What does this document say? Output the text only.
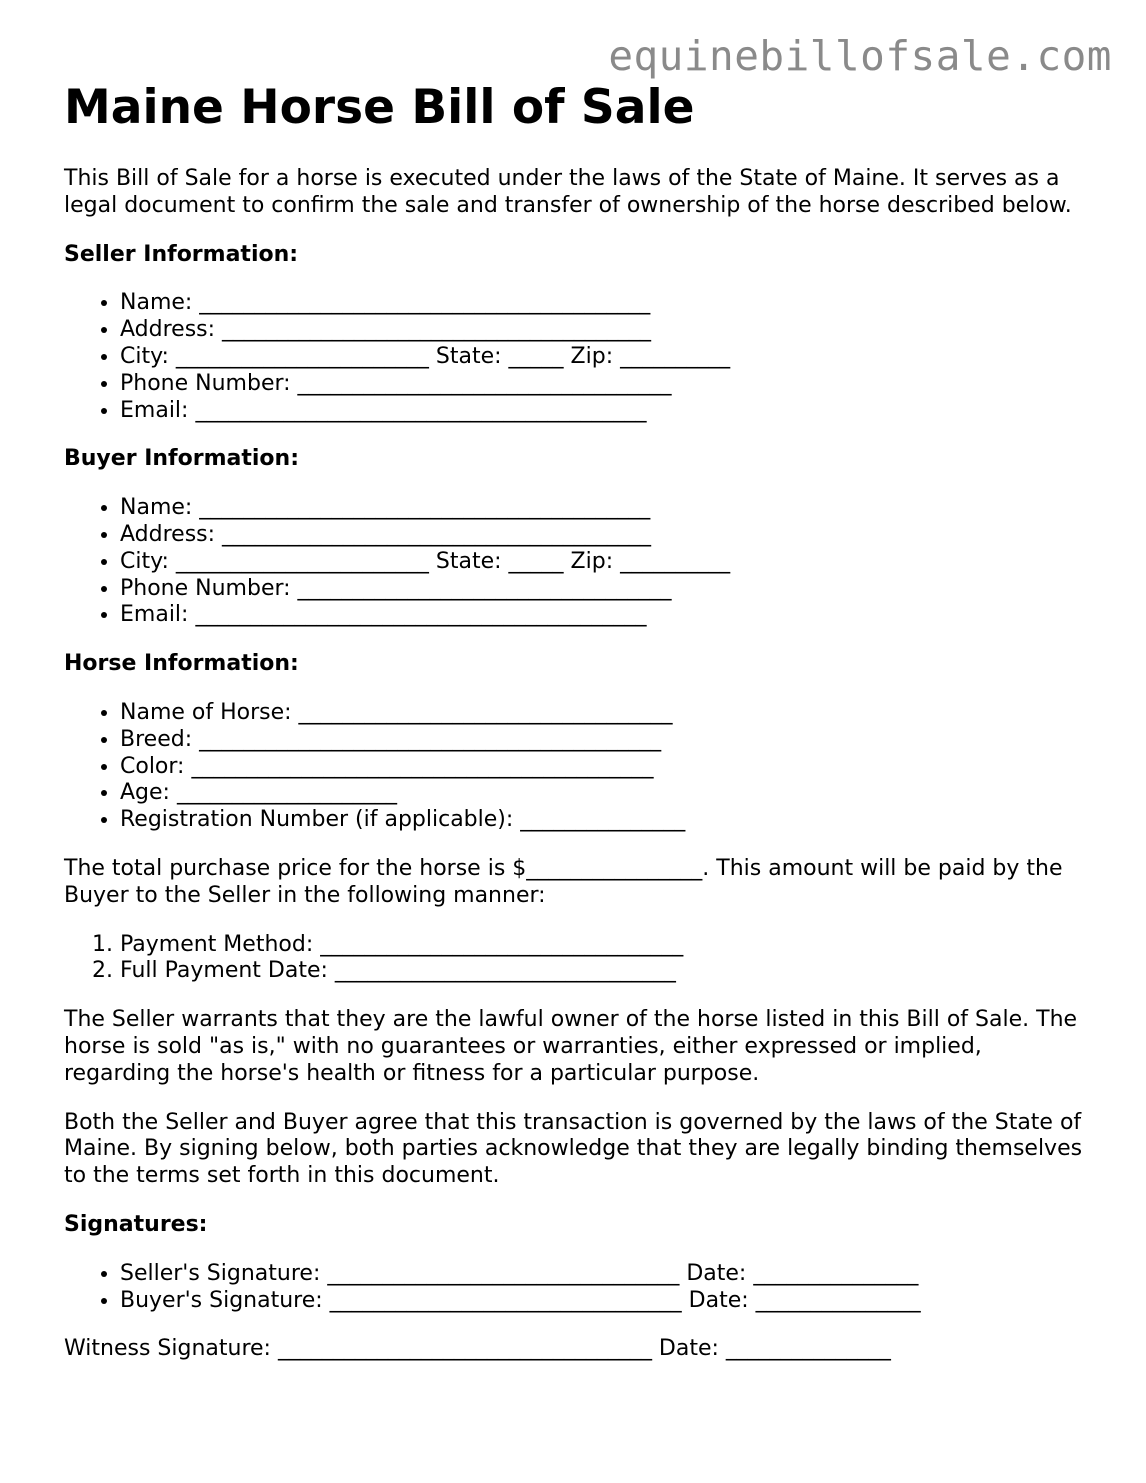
equinebillofsale.com
Maine Horse Bill of Sale

This Bill of Sale for a horse is executed under the laws of the State of Maine. It serves as a legal document to confirm the sale and transfer of ownership of the horse described below.

Seller Information:
• Name: _________________________________________
• Address: _______________________________________
• City: _______________________ State: _____ Zip: __________
• Phone Number: __________________________________
• Email: _________________________________________
Buyer Information:
• Name: _________________________________________
• Address: _______________________________________
• City: _______________________ State: _____ Zip: __________
• Phone Number: __________________________________
• Email: _________________________________________
Horse Information:
• Name of Horse: __________________________________
• Breed: __________________________________________
• Color: __________________________________________
• Age: ____________________
• Registration Number (if applicable): _______________

The total purchase price for the horse is $________________. This amount will be paid by the Buyer to the Seller in the following manner:

1. Payment Method: _________________________________
2. Full Payment Date: _______________________________

The Seller warrants that they are the lawful owner of the horse listed in this Bill of Sale. The horse is sold "as is," with no guarantees or warranties, either expressed or implied, regarding the horse's health or fitness for a particular purpose.

Both the Seller and Buyer agree that this transaction is governed by the laws of the State of Maine. By signing below, both parties acknowledge that they are legally binding themselves to the terms set forth in this document.

Signatures:
• Seller's Signature: ________________________________ Date: _______________
• Buyer's Signature: ________________________________ Date: _______________

Witness Signature: __________________________________ Date: _______________
